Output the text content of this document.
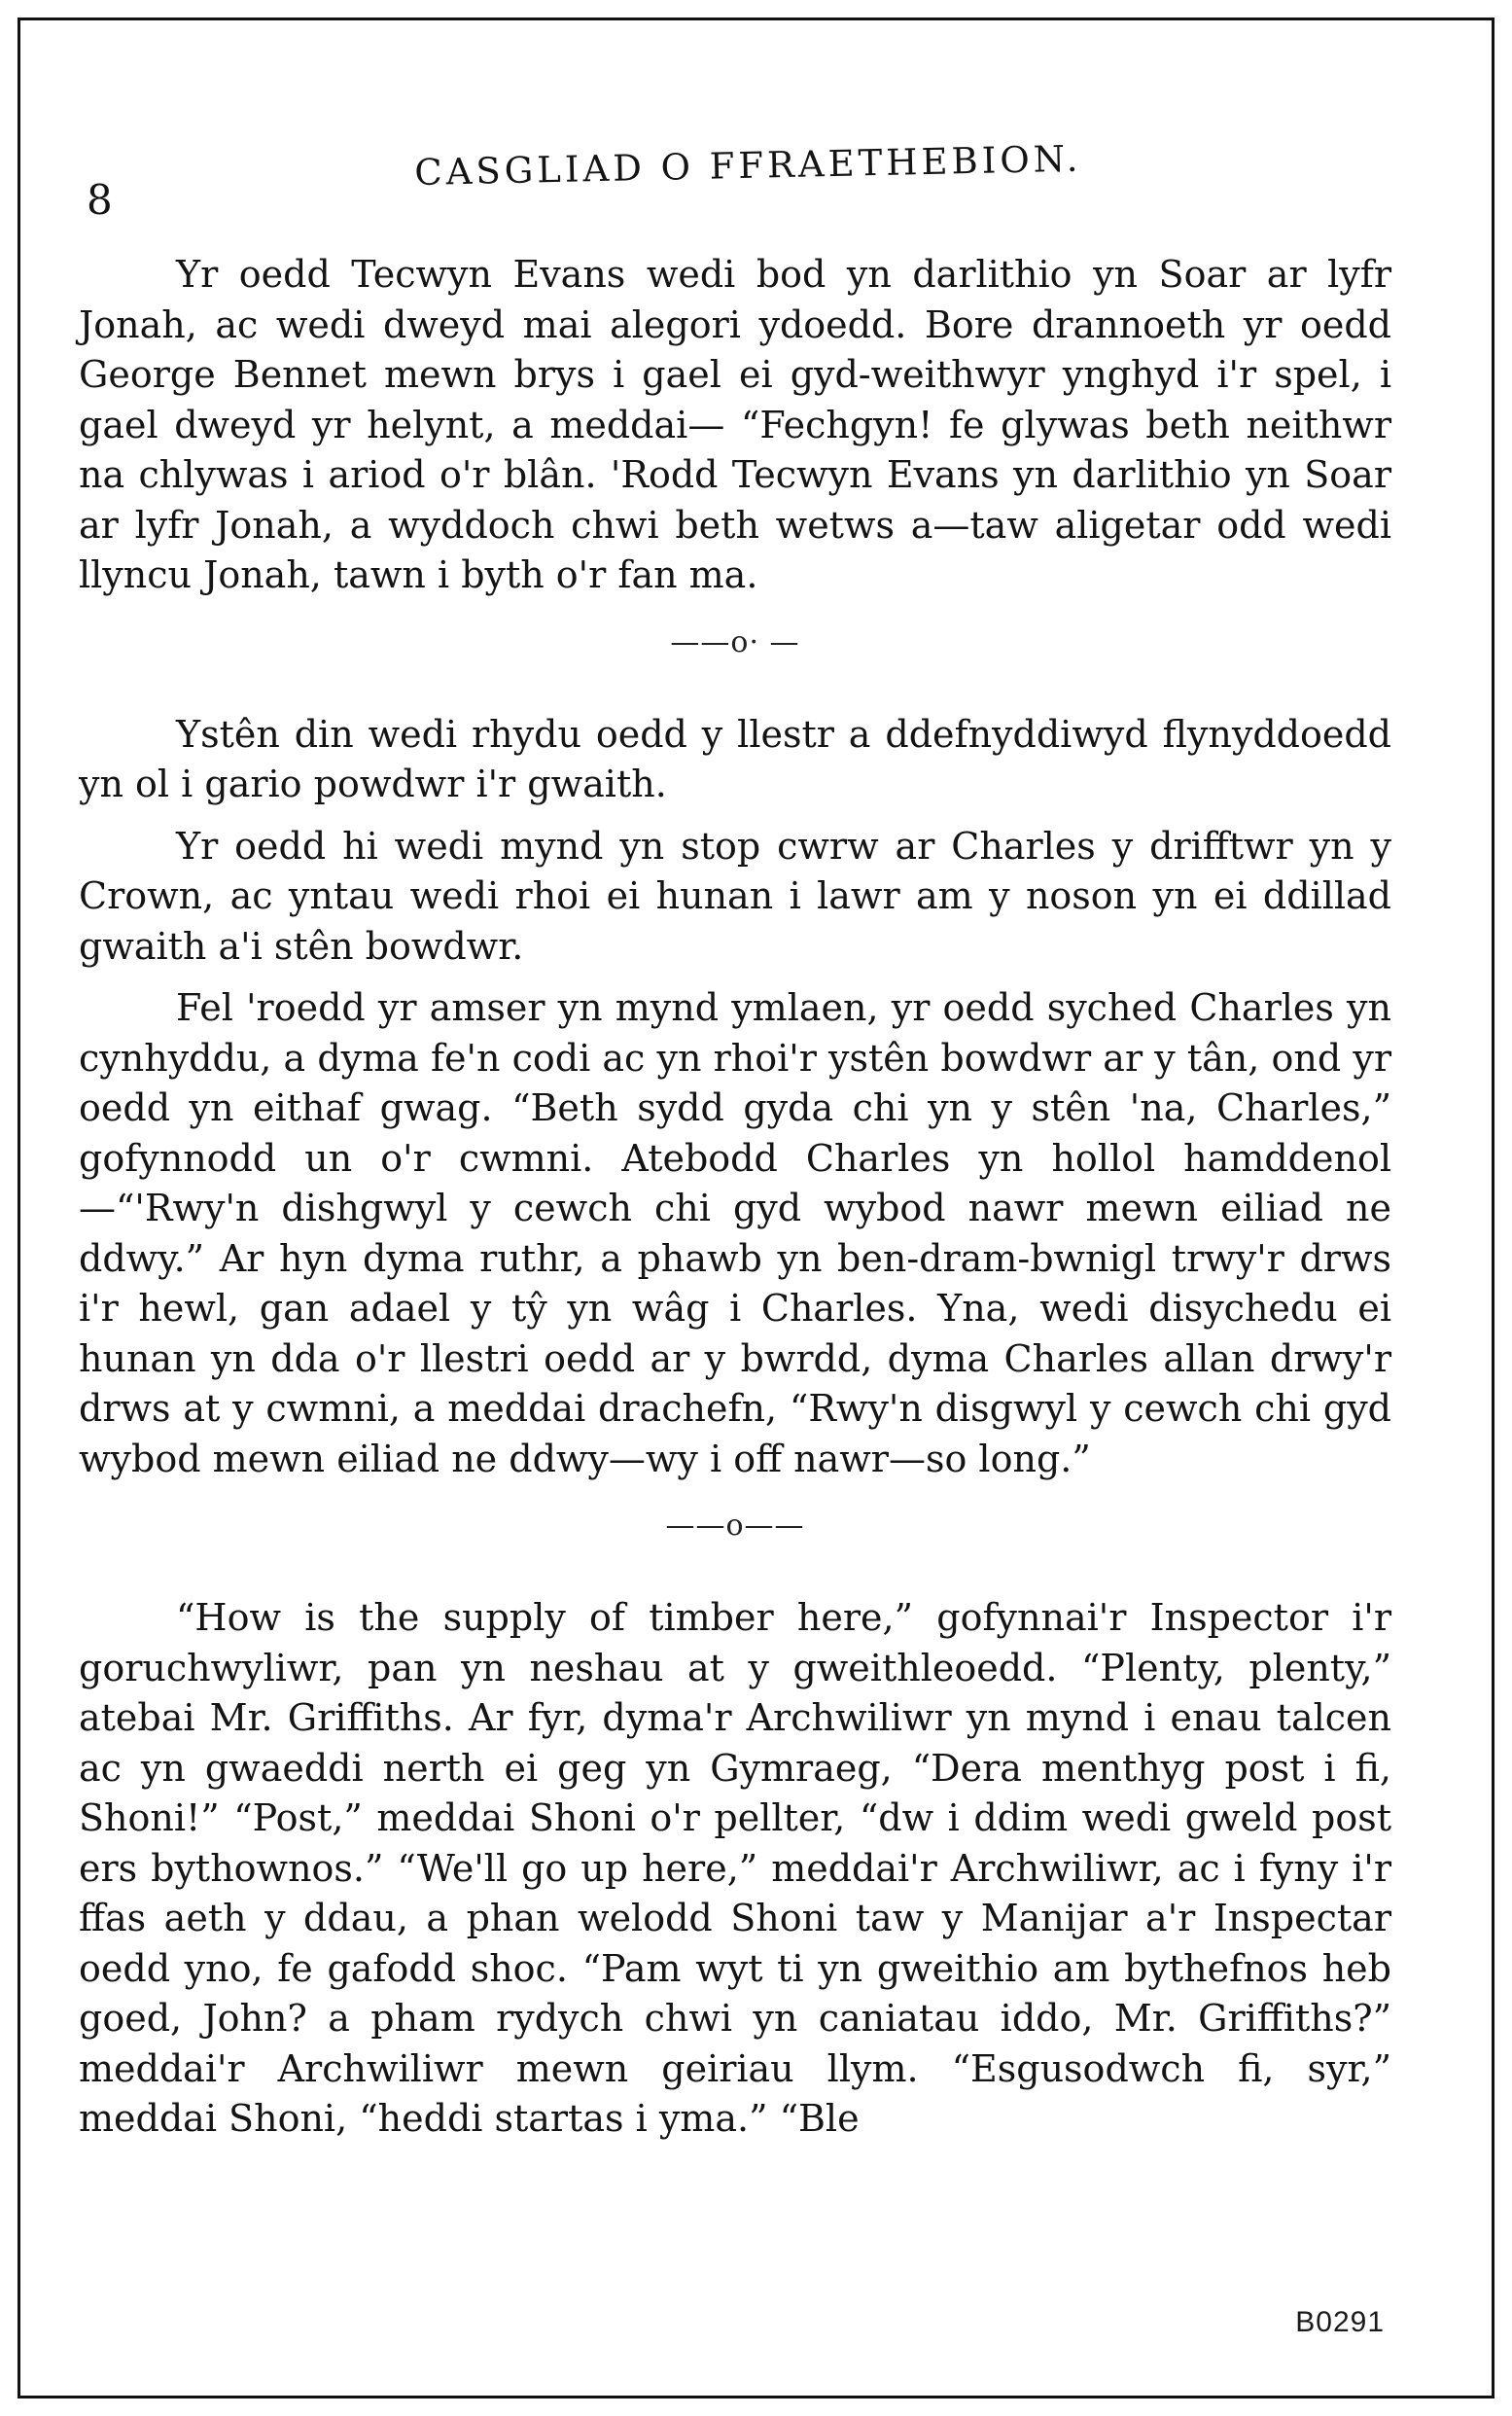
8
CASGLIAD O FFRAETHEBION.

Yr oedd Tecwyn Evans wedi bod yn darlithio yn Soar ar lyfr Jonah, ac wedi dweyd mai alegori ydoedd. Bore drannoeth yr oedd George Bennet mewn brys i gael ei gyd-weithwyr ynghyd i'r spel, i gael dweyd yr helynt, a meddai— “Fechgyn! fe glywas beth neithwr na chlywas i ariod o'r blân. 'Rodd Tecwyn Evans yn darlithio yn Soar ar lyfr Jonah, a wyddoch chwi beth wetws a—taw aligetar odd wedi llyncu Jonah, tawn i byth o'r fan ma.

——o· —

Ystên din wedi rhydu oedd y llestr a ddefnyddiwyd flynyddoedd yn ol i gario powdwr i'r gwaith.

Yr oedd hi wedi mynd yn stop cwrw ar Charles y drifftwr yn y Crown, ac yntau wedi rhoi ei hunan i lawr am y noson yn ei ddillad gwaith a'i stên bowdwr.

Fel 'roedd yr amser yn mynd ymlaen, yr oedd syched Charles yn cynhyddu, a dyma fe'n codi ac yn rhoi'r ystên bowdwr ar y tân, ond yr oedd yn eithaf gwag. “Beth sydd gyda chi yn y stên 'na, Charles,” gofynnodd un o'r cwmni. Atebodd Charles yn hollol hamddenol—“'Rwy'n dishgwyl y cewch chi gyd wybod nawr mewn eiliad ne ddwy.” Ar hyn dyma ruthr, a phawb yn ben-dram-bwnigl trwy'r drws i'r hewl, gan adael y tŷ yn wâg i Charles. Yna, wedi disychedu ei hunan yn dda o'r llestri oedd ar y bwrdd, dyma Charles allan drwy'r drws at y cwmni, a meddai drachefn, “Rwy'n disgwyl y cewch chi gyd wybod mewn eiliad ne ddwy—wy i off nawr—so long.”

——o——

“How is the supply of timber here,” gofynnai'r Inspector i'r goruchwyliwr, pan yn neshau at y gweithleoedd. “Plenty, plenty,” atebai Mr. Griffiths. Ar fyr, dyma'r Archwiliwr yn mynd i enau talcen ac yn gwaeddi nerth ei geg yn Gymraeg, “Dera menthyg post i fi, Shoni!” “Post,” meddai Shoni o'r pellter, “dw i ddim wedi gweld post ers bythownos.” “We'll go up here,” meddai'r Archwiliwr, ac i fyny i'r ffas aeth y ddau, a phan welodd Shoni taw y Manijar a'r Inspectar oedd yno, fe gafodd shoc. “Pam wyt ti yn gweithio am bythefnos heb goed, John? a pham rydych chwi yn caniatau iddo, Mr. Griffiths?” meddai'r Archwiliwr mewn geiriau llym. “Esgusodwch fi, syr,” meddai Shoni, “heddi startas i yma.” “Ble

B0291
